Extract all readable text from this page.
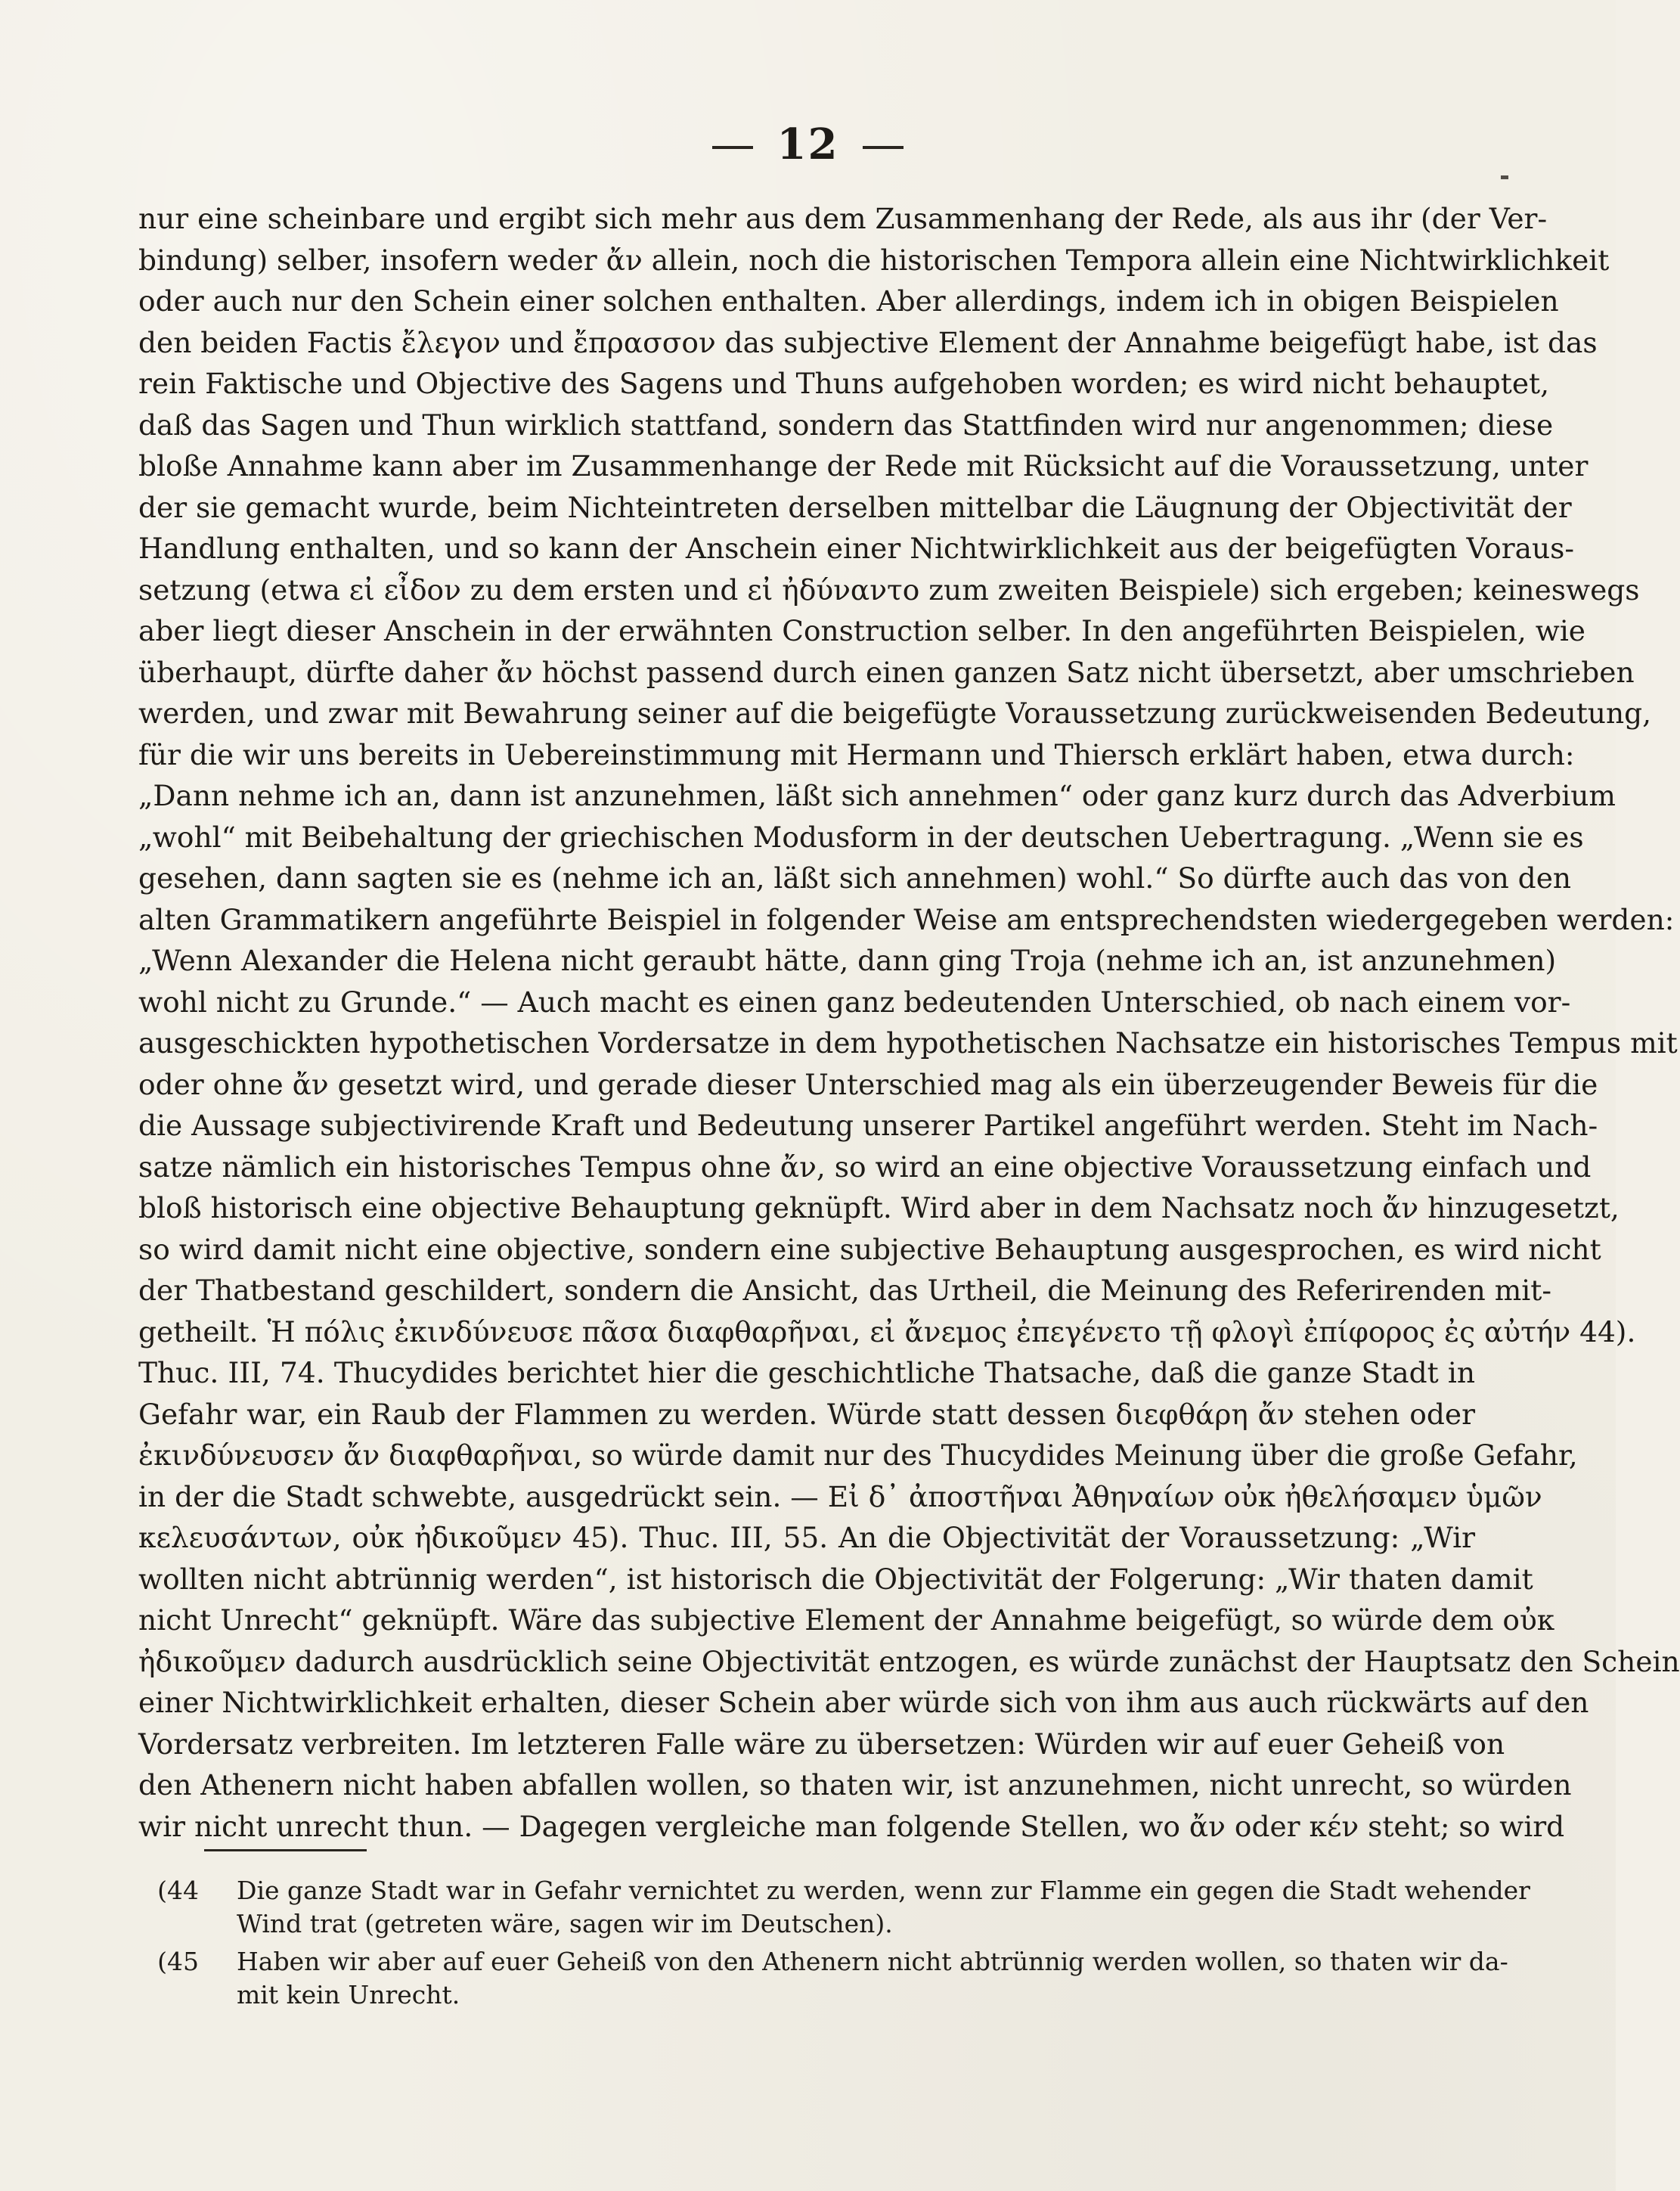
12
nur eine scheinbare und ergibt sich mehr aus dem Zusammenhang der Rede, als aus ihr (der Ver-
bindung) selber, insofern weder ἄν allein, noch die historischen Tempora allein eine Nichtwirklichkeit
oder auch nur den Schein einer solchen enthalten. Aber allerdings, indem ich in obigen Beispielen
den beiden Factis ἔλεγον und ἔπρασσον das subjective Element der Annahme beigefügt habe, ist das
rein Faktische und Objective des Sagens und Thuns aufgehoben worden; es wird nicht behauptet,
daß das Sagen und Thun wirklich stattfand, sondern das Stattfinden wird nur angenommen; diese
bloße Annahme kann aber im Zusammenhange der Rede mit Rücksicht auf die Voraussetzung, unter
der sie gemacht wurde, beim Nichteintreten derselben mittelbar die Läugnung der Objectivität der
Handlung enthalten, und so kann der Anschein einer Nichtwirklichkeit aus der beigefügten Voraus-
setzung (etwa εἰ εἶδον zu dem ersten und εἰ ἠδύναντο zum zweiten Beispiele) sich ergeben; keineswegs
aber liegt dieser Anschein in der erwähnten Construction selber. In den angeführten Beispielen, wie
überhaupt, dürfte daher ἄν höchst passend durch einen ganzen Satz nicht übersetzt, aber umschrieben
werden, und zwar mit Bewahrung seiner auf die beigefügte Voraussetzung zurückweisenden Bedeutung,
für die wir uns bereits in Uebereinstimmung mit Hermann und Thiersch erklärt haben, etwa durch:
„Dann nehme ich an, dann ist anzunehmen, läßt sich annehmen“ oder ganz kurz durch das Adverbium
„wohl“ mit Beibehaltung der griechischen Modusform in der deutschen Uebertragung. „Wenn sie es
gesehen, dann sagten sie es (nehme ich an, läßt sich annehmen) wohl.“ So dürfte auch das von den
alten Grammatikern angeführte Beispiel in folgender Weise am entsprechendsten wiedergegeben werden:
„Wenn Alexander die Helena nicht geraubt hätte, dann ging Troja (nehme ich an, ist anzunehmen)
wohl nicht zu Grunde.“ — Auch macht es einen ganz bedeutenden Unterschied, ob nach einem vor-
ausgeschickten hypothetischen Vordersatze in dem hypothetischen Nachsatze ein historisches Tempus mit
oder ohne ἄν gesetzt wird, und gerade dieser Unterschied mag als ein überzeugender Beweis für die
die Aussage subjectivirende Kraft und Bedeutung unserer Partikel angeführt werden. Steht im Nach-
satze nämlich ein historisches Tempus ohne ἄν, so wird an eine objective Voraussetzung einfach und
bloß historisch eine objective Behauptung geknüpft. Wird aber in dem Nachsatz noch ἄν hinzugesetzt,
so wird damit nicht eine objective, sondern eine subjective Behauptung ausgesprochen, es wird nicht
der Thatbestand geschildert, sondern die Ansicht, das Urtheil, die Meinung des Referirenden mit-
getheilt. Ἡ πόλις ἐκινδύνευσε πᾶσα διαφθαρῆναι, εἰ ἄνεμος ἐπεγένετο τῇ φλογὶ ἐπίφορος ἐς αὐτήν 44).
Thuc. III, 74. Thucydides berichtet hier die geschichtliche Thatsache, daß die ganze Stadt in
Gefahr war, ein Raub der Flammen zu werden. Würde statt dessen διεφθάρη ἄν stehen oder
ἐκινδύνευσεν ἄν διαφθαρῆναι, so würde damit nur des Thucydides Meinung über die große Gefahr,
in der die Stadt schwebte, ausgedrückt sein. — Εἰ δ᾽ ἀποστῆναι Ἀθηναίων οὐκ ἠθελήσαμεν ὑμῶν
κελευσάντων, οὐκ ἠδικοῦμεν 45). Thuc. III, 55. An die Objectivität der Voraussetzung: „Wir
wollten nicht abtrünnig werden“, ist historisch die Objectivität der Folgerung: „Wir thaten damit
nicht Unrecht“ geknüpft. Wäre das subjective Element der Annahme beigefügt, so würde dem οὐκ
ἠδικοῦμεν dadurch ausdrücklich seine Objectivität entzogen, es würde zunächst der Hauptsatz den Schein
einer Nichtwirklichkeit erhalten, dieser Schein aber würde sich von ihm aus auch rückwärts auf den
Vordersatz verbreiten. Im letzteren Falle wäre zu übersetzen: Würden wir auf euer Geheiß von
den Athenern nicht haben abfallen wollen, so thaten wir, ist anzunehmen, nicht unrecht, so würden
wir nicht unrecht thun. — Dagegen vergleiche man folgende Stellen, wo ἄν oder κέν steht; so wird
44) Die ganze Stadt war in Gefahr vernichtet zu werden, wenn zur Flamme ein gegen die Stadt wehender
Wind trat (getreten wäre, sagen wir im Deutschen).
45) Haben wir aber auf euer Geheiß von den Athenern nicht abtrünnig werden wollen, so thaten wir da-
mit kein Unrecht.
